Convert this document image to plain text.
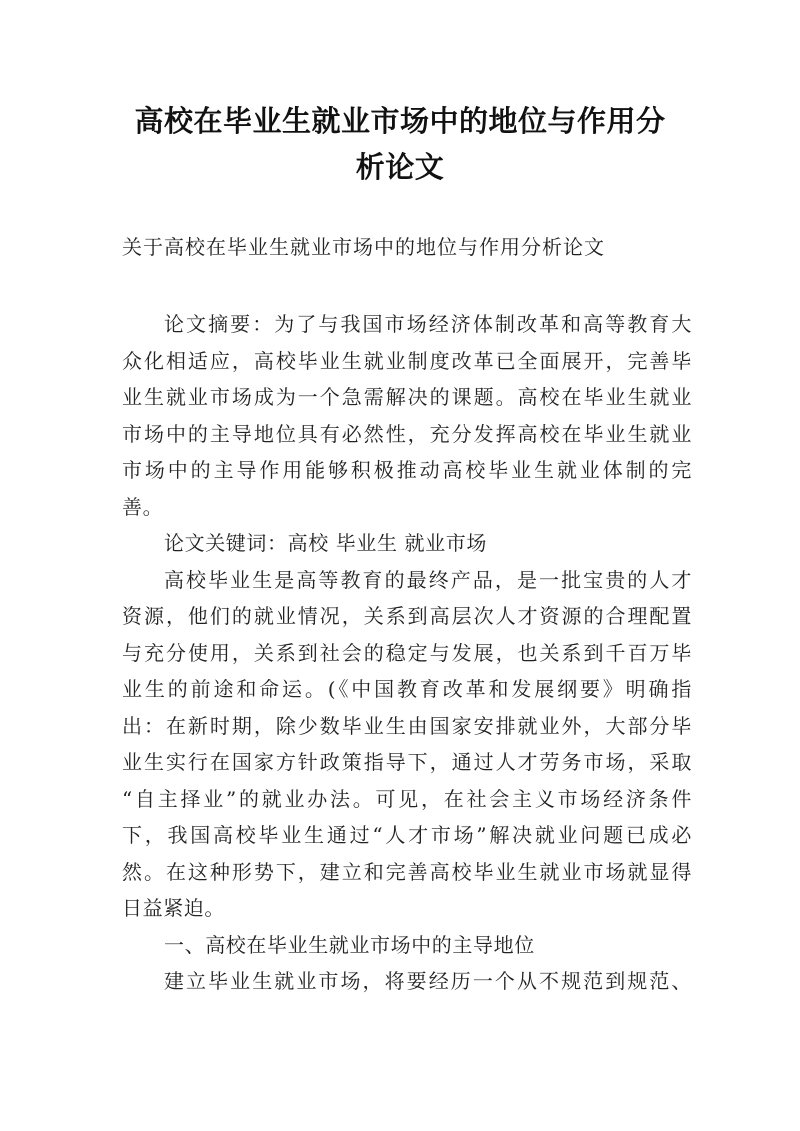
高校在毕业生就业市场中的地位与作用分
析论文
关于高校在毕业生就业市场中的地位与作用分析论文
论文摘要：为了与我国市场经济体制改革和高等教育大
众化相适应，高校毕业生就业制度改革已全面展开，完善毕
业生就业市场成为一个急需解决的课题。高校在毕业生就业
市场中的主导地位具有必然性，充分发挥高校在毕业生就业
市场中的主导作用能够积极推动高校毕业生就业体制的完
善。
论文关键词：高校 毕业生 就业市场
高校毕业生是高等教育的最终产品，是一批宝贵的人才
资源，他们的就业情况，关系到高层次人才资源的合理配置
与充分使用，关系到社会的稳定与发展，也关系到千百万毕
业生的前途和命运。(《中国教育改革和发展纲要》明确指
出：在新时期，除少数毕业生由国家安排就业外，大部分毕
业生实行在国家方针政策指导下，通过人才劳务市场，采取
“自主择业”的就业办法。可见，在社会主义市场经济条件
下，我国高校毕业生通过“人才市场”解决就业问题已成必
然。在这种形势下，建立和完善高校毕业生就业市场就显得
日益紧迫。
一、高校在毕业生就业市场中的主导地位
建立毕业生就业市场，将要经历一个从不规范到规范、
